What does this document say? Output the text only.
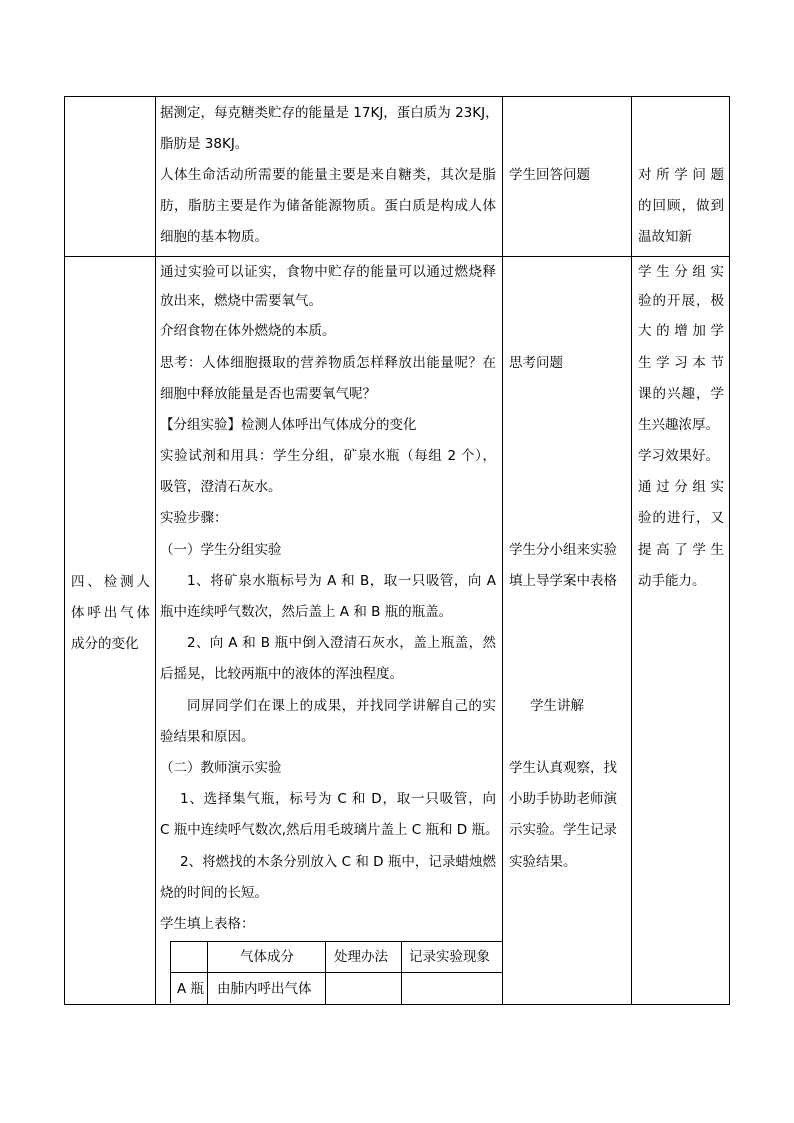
据测定，每克糖类贮存的能量是 17KJ，蛋白质为 23KJ，
脂肪是 38KJ。
人体生命活动所需要的能量主要是来自糖类，其次是脂
肪，脂肪主要是作为储备能源物质。蛋白质是构成人体
细胞的基本物质。
学生回答问题	对所学问题
的回顾，做到
温故知新
四、检测人
体呼出气体
成分的变化
通过实验可以证实，食物中贮存的能量可以通过燃烧释
放出来，燃烧中需要氧气。
介绍食物在体外燃烧的本质。
思考：人体细胞摄取的营养物质怎样释放出能量呢？在
细胞中释放能量是否也需要氧气呢？
【分组实验】检测人体呼出气体成分的变化
实验试剂和用具：学生分组，矿泉水瓶（每组 2 个），
吸管，澄清石灰水。
实验步骤：
（一）学生分组实验
1、将矿泉水瓶标号为 A 和 B，取一只吸管，向 A
瓶中连续呼气数次，然后盖上 A 和 B 瓶的瓶盖。
2、向 A 和 B 瓶中倒入澄清石灰水，盖上瓶盖，然
后摇晃，比较两瓶中的液体的浑浊程度。
同屏同学们在课上的成果，并找同学讲解自己的实
验结果和原因。
（二）教师演示实验
1、选择集气瓶，标号为 C 和 D，取一只吸管，向
C 瓶中连续呼气数次,然后用毛玻璃片盖上 C 瓶和 D 瓶。
2、将燃找的木条分别放入 C 和 D 瓶中，记录蜡烛燃
烧的时间的长短。
学生填上表格：
思考问题
学生分小组来实验
填上导学案中表格
学生讲解
学生认真观察，找
小助手协助老师演
示实验。学生记录
实验结果。
学生分组实
验的开展，极
大的增加学
生学习本节
课的兴趣，学
生兴趣浓厚。
学习效果好。
通过分组实
验的进行，又
提高了学生
动手能力。
气体成分	处理办法 记录实验现象
A 瓶 由肺内呼出气体
